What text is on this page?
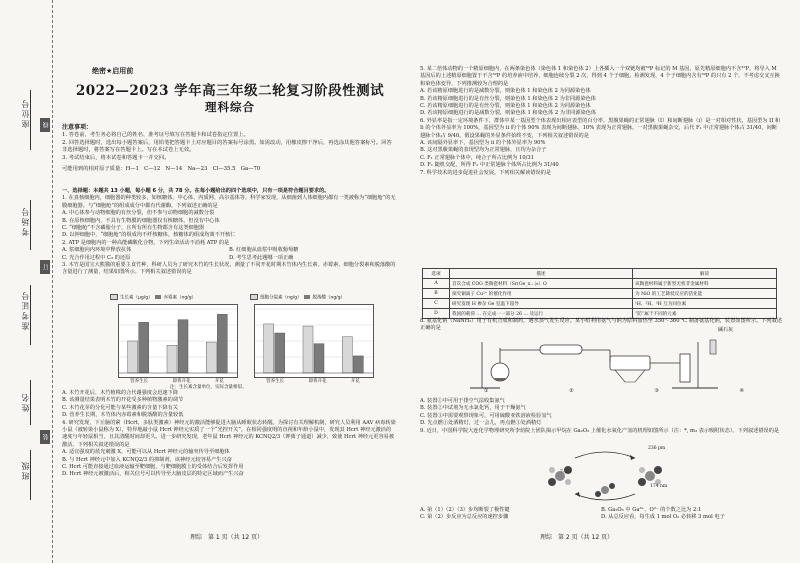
座位号
考场号
准考证号
姓名
班级
线
订
装
绝密★启用前
2022—2023 学年高三年级二轮复习阶段性测试
理科综合

注意事项：

1. 答卷前，考生务必将自己的姓名、准考证号填写在答题卡和试卷指定位置上。

2. 回答选择题时，选出每小题答案后，用铅笔把答题卡上对应题目的答案标号涂黑。如需改动，用橡皮擦干净后，再选涂其他答案标号。回答非选择题时，将答案写在答题卡上。写在本试卷上无效。

3. 考试结束后，将本试卷和答题卡一并交回。

可能用到的相对原子质量：H—1　C—12　N—14　Na—23　Cl—35.5　Ga—70

一、选择题：本题共 13 小题，每小题 6 分，共 78 分。在每小题给出的四个选项中，只有一项是符合题目要求的。

1. 在真核细胞内，细胞器的种类较多，如核糖体、中心体、内质网、高尔基体等。科学家发现，从细菌到人体细胞内都有一类被称为“细胞舱”的无膜细胞器。与“细胞舱”的组成成分中都有代谢酶。下列叙述正确的是

A. 中心体参与动物细胞的有丝分裂，但不参与动物细胞的减数分裂

B. 在原核细胞内，不具有生物膜的细胞器仅有核糖体，但没有中心体

C. “细胞舱”不含磷脂分子，且所有所有生物都含有这类细胞器

D. 以钟细胞中，“细胞舱”的组成均不纤核糖体，核糖体的组成均离不开核仁

2. ATP 是细胞内的一种高能磷酸化合物，下列生命活动不消耗 ATP 的是

A. 浆细胞向内环境中释放抗体	B. 红细胞从血浆中吸收葡萄糖
C. 光合作用过程中 C₃ 的还原	D. 考生思考此题哪一项正确

3. 木竹是国宝大熊猫的重要主食竹种，科研人员为了研究木竹的生长状况，测量了不同开花时期木竹体内生长素、赤霉素、细胞分裂素和脱落酸的含量进行了测量，结果如图所示。下列相关叙述错误的是

生长素（μg/g） 赤霉素（ng/g）	细胞分裂素（ng/g） 脱落酸（ng/g）
营养生长	即将开花	开花	营养生长	即将开花	开花
注：生长素含量单位，实际含量相似。

A. 木竹开花后，木竹植株的合代谢强度会迅速下降

B. 该测量结果表明木竹的开花受多种植物激素的调节

C. 木竹花芽的分化可能与某些激素的含量下降有关

D. 营养生长期，木竹体内赤霉素和脱落酸的含量较低

4. 研究发现，下丘脑的紧（Hcrt，多肽类激素）神经元的激活能够促进大脑从睡眠状态转醒。为探讨有关理解机制，研究人员利用 AAV 病毒转染小鼠（被转染小鼠称为 X），特异地敲小鼠 Hcrt 神经元实质了一个“光控开关”，在相同强度明的直视和年龄小鼠中，发现其 Hcrt 神经元激活的速度与年轻鼠相当，且其清醒时间却更久。进一步研究发现，老年鼠 Hcrt 神经元的 KCNQ2/3（钾离子通道）减少，致使 Hcrt 神经元更容易被激活。下列相关叙述错误的是

A. 适宜强度的蓝光刺激 X，可能可以从 Hcrt 神经元的输突传导至细胞体

B. 与 Hcrt 神经元中加入 KCNQ2/3 的抑制剂，该神经元较容易产生兴奋

C. Hcrt 可能直接通过血液运输至靶细胞，与靶细胞膜上的受体结合后发挥作用

D. Hcrt 神经元被激活后，相关信号可以传导至大脑皮层的特定区域而产生兴奋

理综　第 1 页（共 12 页）

5. 某二倍体动物的一个精原细胞内，在两条染色体（染色体 1 和染色体 2）上各插入一个双链均被³²P 标记的 M 基因，原先精原细胞内不含³²P。将导入 M 基因后的上述精原细胞置于不含³²P 的培养液中培养，细胞连续分裂 2 次，得到 4 个子细胞。检测发现，4 个子细胞内含有³²P 的只有 2 个。不考虑交叉互换和染色体变异，下列推测较为合理的是

A. 若该精原细胞进行的是减数分裂，则染色体 1 和染色体 2 为同源染色体

B. 若该精原细胞进行的是有丝分裂，则染色体 1 和染色体 2 为非同源染色体

C. 若该精原细胞进行的是有丝分裂，则染色体 1 和染色体 2 为同源染色体

D. 若该精原细胞进行的是减数分裂，则染色体 1 和染色体 2 为非同源染色体

6. 外显率是指一定环境条件下，群体中某一基因型个体表现出相应表型的百分率。黑腹果蝇的正常翅脉（I）和间断翅脉（i）是一对相对性状，基因型为 II 和 Ii 的个体外显率为 100%，基因型为 ii 的个体 90% 表现为间断翅脉、10% 表现为正常翅脉。一对黑腹果蝇杂交，后代 F₁ 中正常翅脉个体占 31/40，间断翅脉个体占 9/40。假设果蝇的外显条件始终不变，下列相关叙述错误的是

A. 该间隔外显率下，基因型为 ii 的个体外显率为 90%

B. 这对黑腹果蝇的表现型均为正常翅脉，且均为杂合子

C. F₁ 正常翅脉个体中，纯合子所占比例为 10/31

D. F₁ 随机交配，所得 F₂ 中正常翅脉个体所占比例为 31/40

7. 科学技术的进步促进社会发展。下列相关解读错误的是

选项	描述	解读
A	首次合成 COG 类陶瓷材料（Sr(Ge_x…)₃）O	该陶瓷材料属于新型无机非金属材料
B	探究铜离子 Cu²⁺ 的催化作用	为 NiO 的工艺降低反应的活化能
C	研究发现 H 掺杂 Ge 室温下超导	¹H、²H、³H 互为同位素
D	我国的载荷 … 在完成一一部分 26 … 及运行	“防”属于不同的元素

8. 氨基化钠（NaNH₂）用于有机合成和制药，遇水蒸气发生反应。某小组利用氨气与钠为原料加热至 350～360 ℃ 制备氨基化钠，装置如图所示。下列叙述正确的是

①	②	③	④
碱石灰

A. 装置①中可用于排空气法收集氨气

B. 装置②中试剂为无水氯化钙，用于干燥氨气

C. 装置③中需要观察现象可，可用硫酸亚铁溶液检验氢气

D. 先点燃①处酒精灯，过一会儿，再点燃③处酒精灯

9. 近日，中国科学院大连化学物理研究所李煊院士团队揭示甲烷在 Ga₂O₃ 上催化水氧化产氢的机理如图所示（注：*, m₃ 表示吸附状态）。下列叙述错误的是

236 pm
7-2 ↓
174 nm
A. 第（1）（2）（3）步均断裂了极性键	B. Ga₂O₃ 中 Ga³⁺、O²⁻ 的个数之比为 2:1
C. 第（2）步反应为总反应的速控步骤	D. 从总反应看，每生成 1 mol O₂ 必转移 3 mol 电子
理综　第 2 页（共 12 页）
